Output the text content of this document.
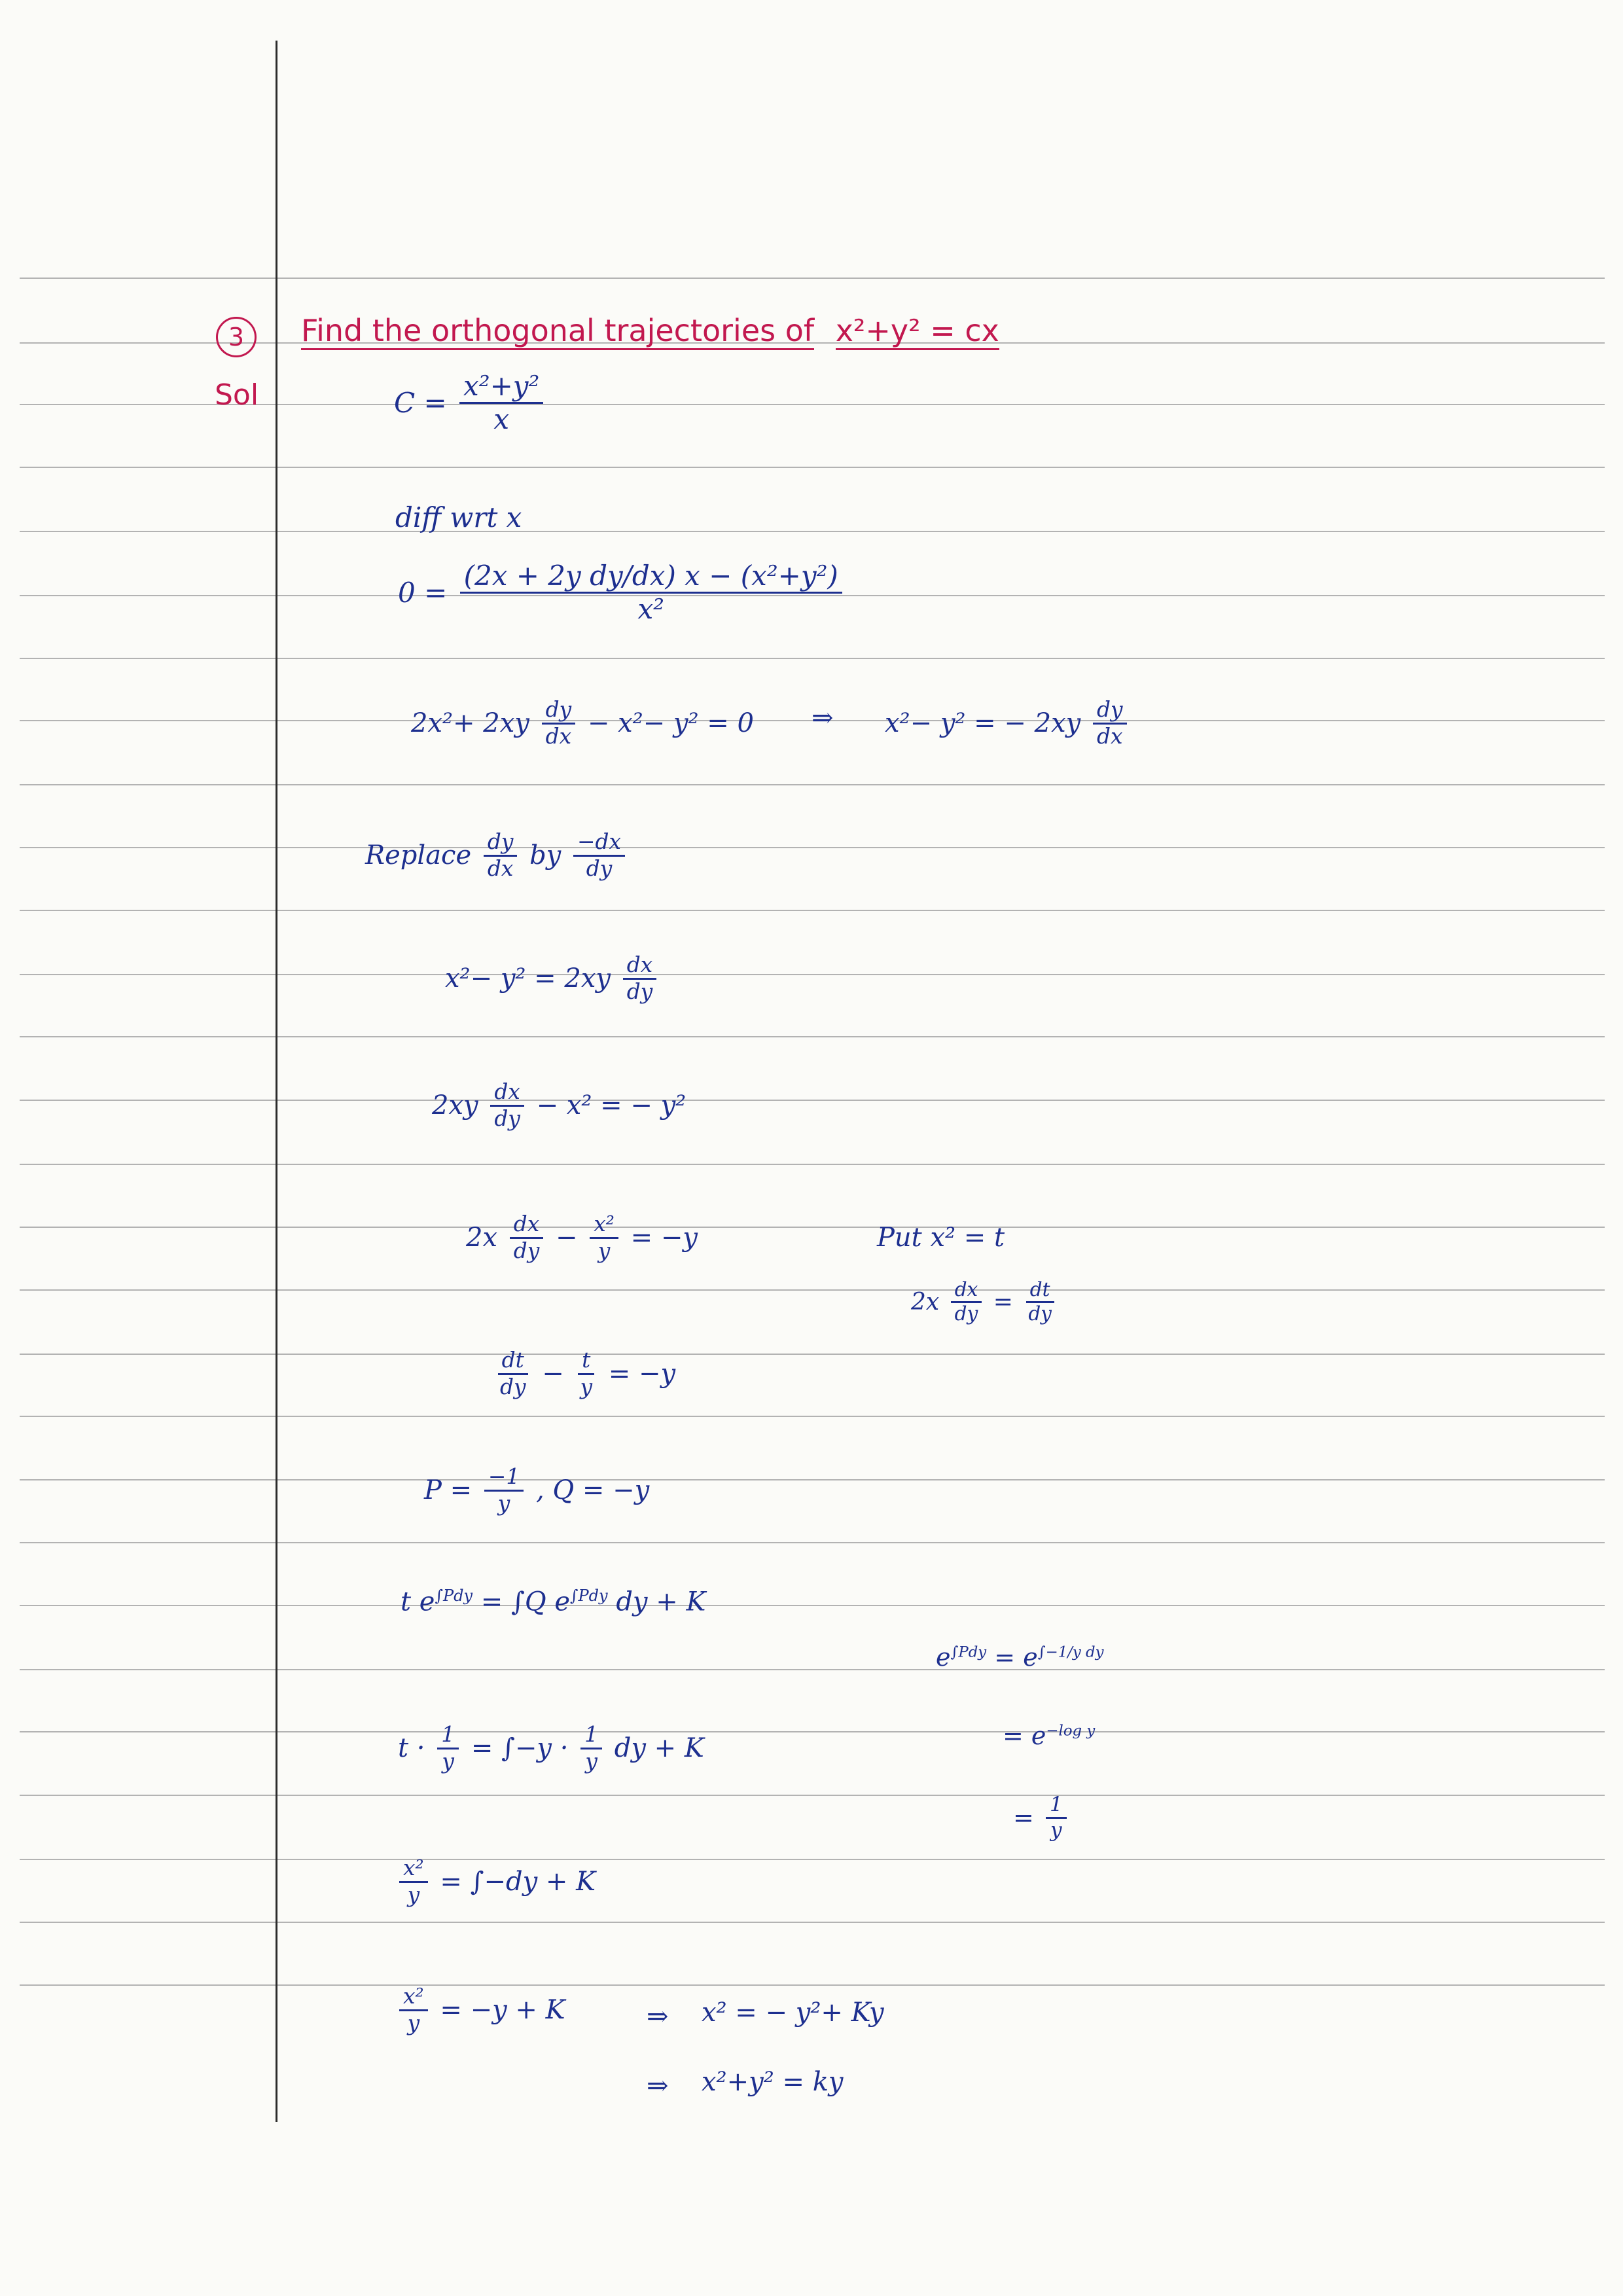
3	Find the orthogonal trajectories of x²+y² = cx
Sol	$C = \frac{\text{x²+y²}}{x}$
diff wrt x
$0 = \frac{\text{(2x + 2y dy/dx) x − (x²+y²)}}{\text{x²}}$
$2x^2+ 2xy \frac{dy}{dx} - x^2- y^2 = 0$ ⇒ x²− y² = − $2xy \frac{dy}{dx}$
Replace $\frac{dy}{dx}$ by $\frac{-dx}{dy}$
$x^2- y^2 = 2xy \frac{dx}{dy}$
$2xy \frac{dx}{dy} - x^2$ = − y²
$2x \frac{dx}{dy} - \frac{\text{x²}}{y} = -y$	Put x² = t
$2x \frac{dx}{dy} = \frac{dt}{dy}$
$\frac{dt}{dy} - \frac{t}{y} = -y$
$P = \frac{-1}{y}$ , Q = −y
t $e^{\int Pdy} = \int Q$ $e^{\int Pdy}$ dy + K
$e^{\int Pdy} = e^{\int-1/y dy}$
= $e^{-log y}$
= $\frac{1}{y}$
$t \cdot \frac{1}{y} = \int-y \cdot \frac{1}{y}$ dy + K
$\frac{\text{x²}}{y} = \int-dy + K$
$\frac{\text{x²}}{y} = -y + K$	⇒ x² = − y²+ Ky
⇒ x²+y² = ky
